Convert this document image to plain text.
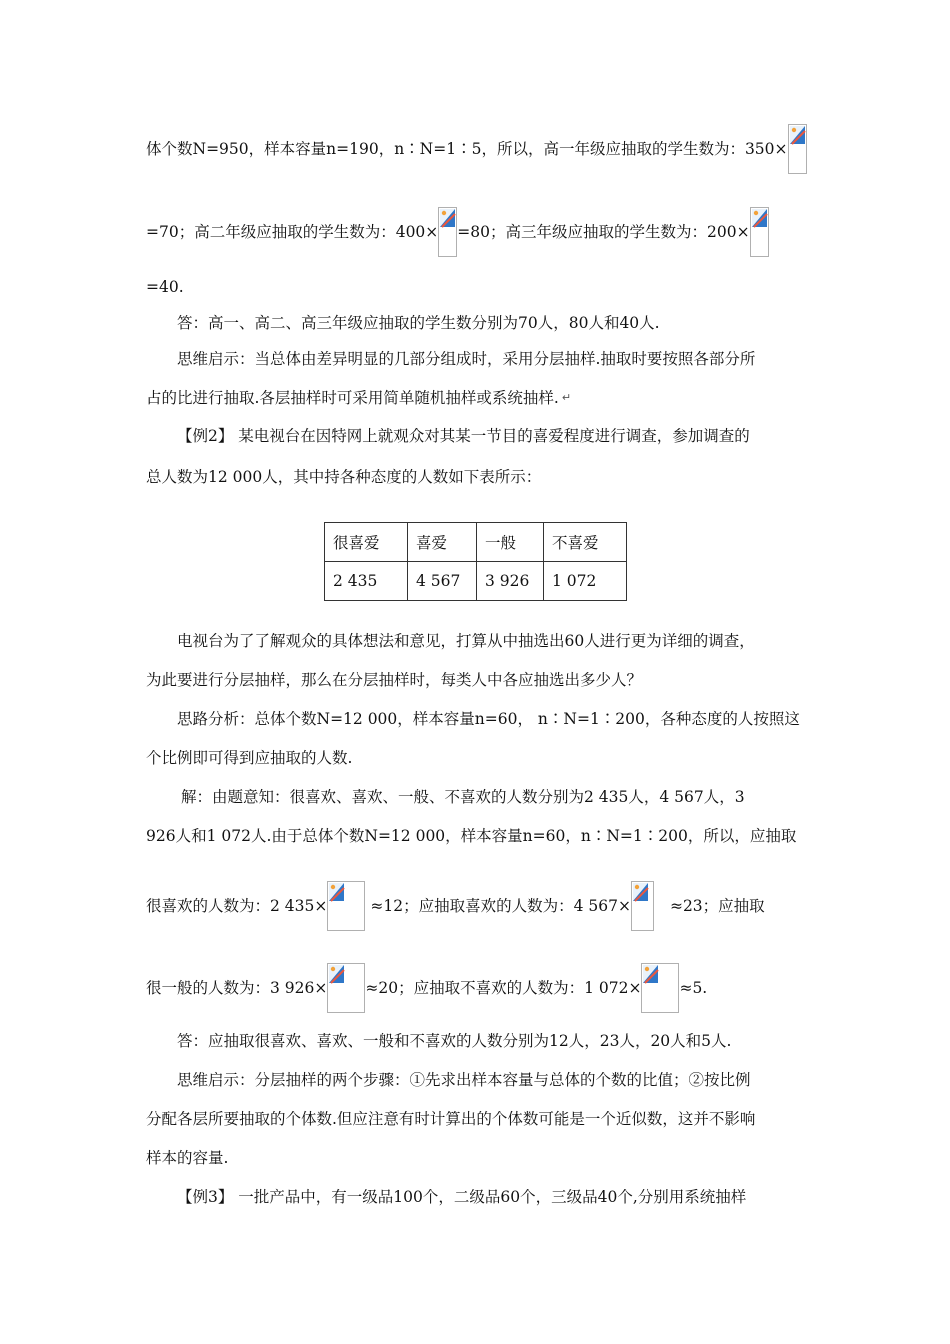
体个数N=950，样本容量n=190，n∶N=1∶5，所以，高一年级应抽取的学生数为：350×
=70；高二年级应抽取的学生数为：400× =80；高三年级应抽取的学生数为：200×
=40.
答：高一、高二、高三年级应抽取的学生数分别为70人，80人和40人.
思维启示：当总体由差异明显的几部分组成时，采用分层抽样.抽取时要按照各部分所
占的比进行抽取.各层抽样时可采用简单随机抽样或系统抽样. ↵
【例2】 某电视台在因特网上就观众对其某一节目的喜爱程度进行调查，参加调查的
总人数为12 000人，其中持各种态度的人数如下表所示：
很喜爱	喜爱	一般	不喜爱
2 435	4 567	3 926	1 072
电视台为了了解观众的具体想法和意见，打算从中抽选出60人进行更为详细的调查，
为此要进行分层抽样，那么在分层抽样时，每类人中各应抽选出多少人？
思路分析：总体个数N=12 000，样本容量n=60， n∶N=1∶200，各种态度的人按照这
个比例即可得到应抽取的人数.
解：由题意知：很喜欢、喜欢、一般、不喜欢的人数分别为2 435人，4 567人，3
926人和1 072人.由于总体个数N=12 000，样本容量n=60，n∶N=1∶200，所以，应抽取
很喜欢的人数为：2 435×	≈12；应抽取喜欢的人数为：4 567×	≈23；应抽取
很一般的人数为：3 926× ≈20；应抽取不喜欢的人数为：1 072× ≈5.
答：应抽取很喜欢、喜欢、一般和不喜欢的人数分别为12人，23人，20人和5人.
思维启示：分层抽样的两个步骤：①先求出样本容量与总体的个数的比值；②按比例
分配各层所要抽取的个体数.但应注意有时计算出的个体数可能是一个近似数，这并不影响
样本的容量.
【例3】 一批产品中，有一级品100个，二级品60个，三级品40个,分别用系统抽样
